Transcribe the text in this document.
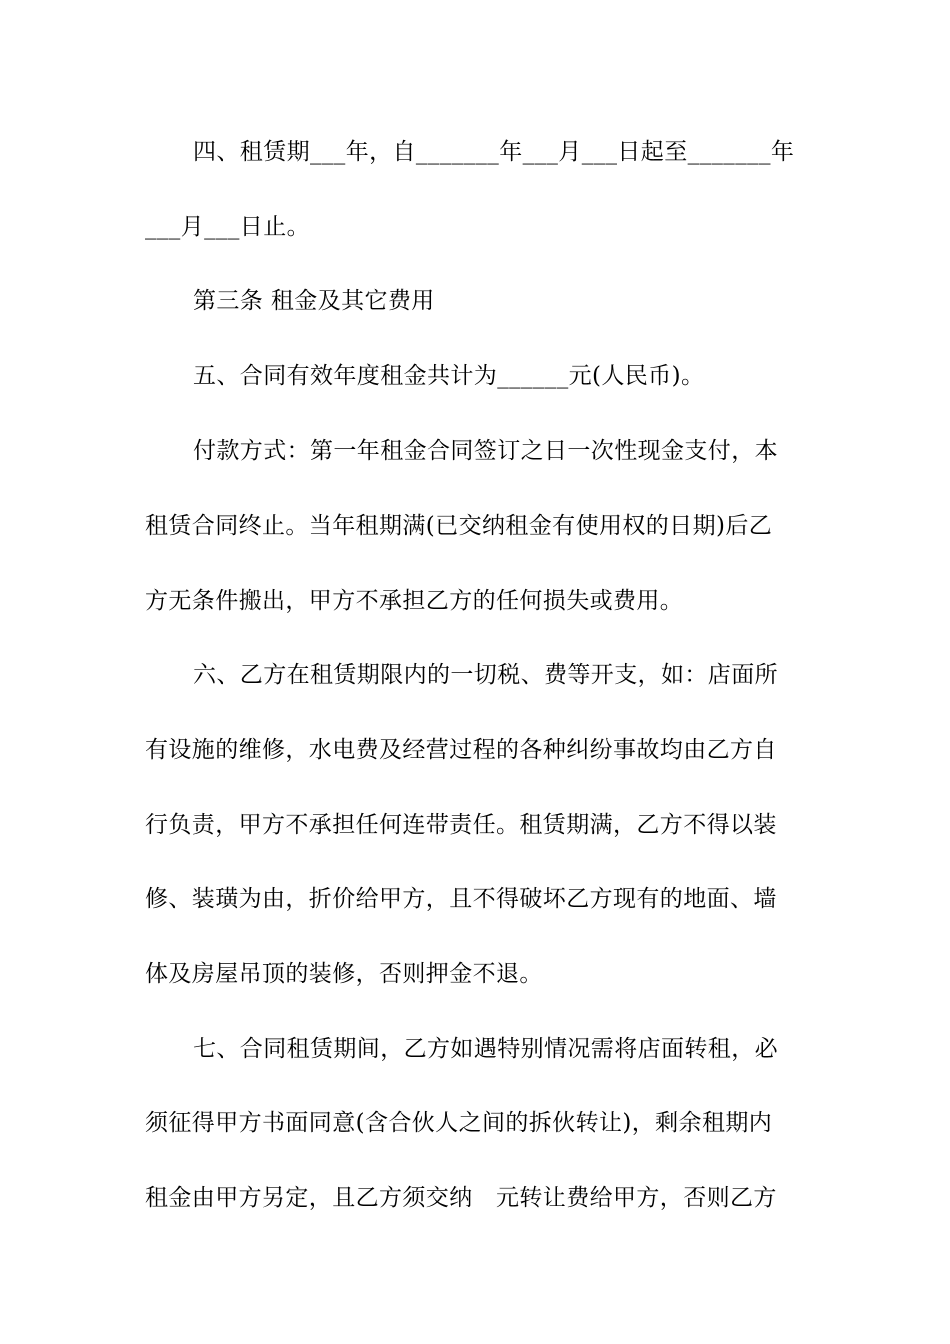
四、租赁期___年，自_______年___月___日起至_______年
___月___日止。
第三条 租金及其它费用
五、合同有效年度租金共计为______元(人民币)。
付款方式：第一年租金合同签订之日一次性现金支付，本
租赁合同终止。当年租期满(已交纳租金有使用权的日期)后乙
方无条件搬出，甲方不承担乙方的任何损失或费用。
六、乙方在租赁期限内的一切税、费等开支，如：店面所
有设施的维修，水电费及经营过程的各种纠纷事故均由乙方自
行负责，甲方不承担任何连带责任。租赁期满，乙方不得以装
修、装璜为由，折价给甲方，且不得破坏乙方现有的地面、墙
体及房屋吊顶的装修，否则押金不退。
七、合同租赁期间，乙方如遇特别情况需将店面转租，必
须征得甲方书面同意(含合伙人之间的拆伙转让)，剩余租期内
租金由甲方另定，且乙方须交纳　元转让费给甲方，否则乙方
